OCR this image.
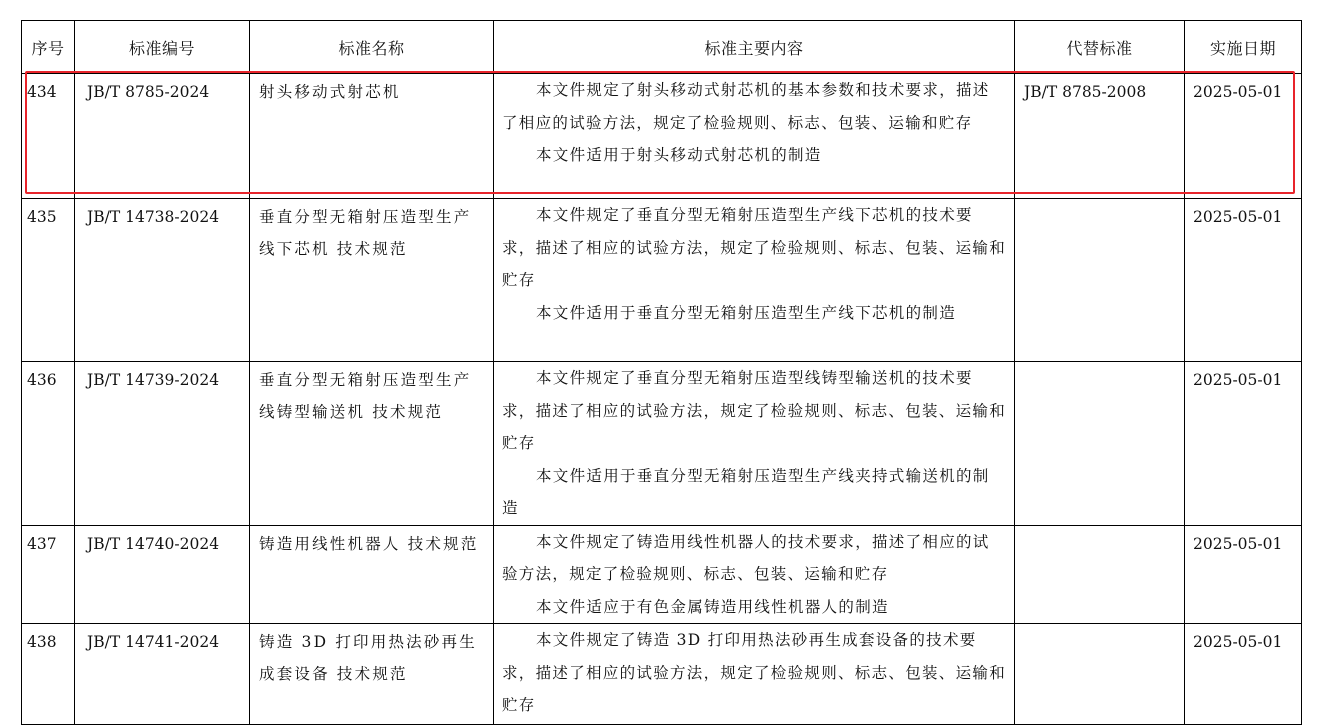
序号	标准编号	标准名称	标准主要内容	代替标准	实施日期

434	JB/T 8785-2024	射头移动式射芯机	本文件规定了射头移动式射芯机的基本参数和技术要求，描述了相应的试验方法，规定了检验规则、标志、包装、运输和贮存
本文件适用于射头移动式射芯机的制造	JB/T 8785-2008	2025-05-01

435	JB/T 14738-2024	垂直分型无箱射压造型生产线下芯机 技术规范	本文件规定了垂直分型无箱射压造型生产线下芯机的技术要求，描述了相应的试验方法，规定了检验规则、标志、包装、运输和贮存
本文件适用于垂直分型无箱射压造型生产线下芯机的制造		2025-05-01

436	JB/T 14739-2024	垂直分型无箱射压造型生产线铸型输送机 技术规范	本文件规定了垂直分型无箱射压造型线铸型输送机的技术要求，描述了相应的试验方法，规定了检验规则、标志、包装、运输和贮存
本文件适用于垂直分型无箱射压造型生产线夹持式输送机的制造		2025-05-01

437	JB/T 14740-2024	铸造用线性机器人 技术规范	本文件规定了铸造用线性机器人的技术要求，描述了相应的试验方法，规定了检验规则、标志、包装、运输和贮存
本文件适应于有色金属铸造用线性机器人的制造		2025-05-01

438	JB/T 14741-2024	铸造 3D 打印用热法砂再生成套设备 技术规范	本文件规定了铸造 3D 打印用热法砂再生成套设备的技术要求，描述了相应的试验方法，规定了检验规则、标志、包装、运输和贮存		2025-05-01
